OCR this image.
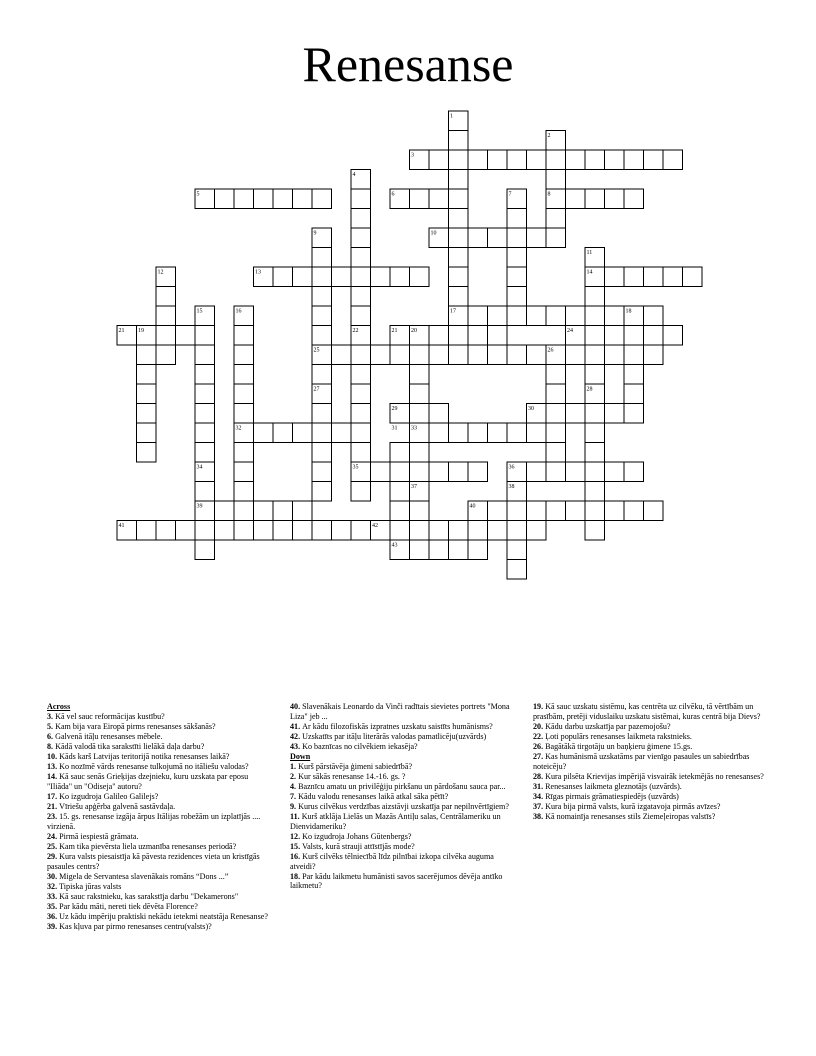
Renesanse
1
2
3
4
5	6	7	8
9	10
11
12	13	14
15	16	17	18
19	20
21	22	21	24
25	26
27	28
29	30
31
32	33
34	35	36
37	38
39	40
41	42
43
Across
3. Kā vel sauc reformācijas kustību?
5. Kam bija vara Eiropā pirms renesanses sākšanās?
6. Galvenā itāļu renesanses mēbele.
8. Kādā valodā tika sarakstīti lielākā daļa darbu?
10. Kāds karš Latvijas teritorijā notika renesanses laikā?
13. Ko nozīmē vārds renesanse tulkojumā no itāliešu valodas?
14. Kā sauc senās Grieķijas dzejnieku, kuru uzskata par eposu "Iliāda" un "Odiseja" autoru?
17. Ko izgudroja Galileo Galilejs?
21. Vīriešu apģērba galvenā sastāvdaļa.
23. 15. gs. renesanse izgāja ārpus Itālijas robežām un izplatījās .... virzienā.
24. Pirmā iespiestā grāmata.
25. Kam tika pievērsta liela uzmanība renesanses periodā?
29. Kura valsts piesaistīja kā pāvesta rezidences vieta un kristīgās pasaules centrs?
30. Migela de Servantesa slavenākais romāns “Dons ...”
32. Tipiska jūras valsts
33. Kā sauc rakstnieku, kas sarakstīja darbu "Dekamerons"
35. Par kādu māti, nereti tiek dēvēta Florence?
36. Uz kādu impēriju praktiski nekādu ietekmi neatstāja Renesanse?
39. Kas kļuva par pirmo renesanses centru(valsts)?
40. Slavenākais Leonardo da Vinči radītais sievietes portrets "Mona Liza" jeb ...
41. Ar kādu filozofiskās izpratnes uzskatu saistīts humānisms?
42. Uzskatīts par itāļu literārās valodas pamatlicēju(uzvārds)
43. Ko baznīcas no cilvēkiem iekasēja?
Down
1. Kurš pārstāvēja ģimeni sabiedrībā?
2. Kur sākās renesanse 14.-16. gs. ?
4. Baznīcu amatu un privilēģiju pirkšanu un pārdošanu sauca par...
7. Kādu valodu renesanses laikā atkal sāka pētīt?
9. Kurus cilvēkus verdzības aizstāvji uzskatīja par nepilnvērtīgiem?
11. Kurš atklāja Lielās un Mazās Antiļu salas, Centrālameriku un Dienvidameriku?
12. Ko izgudroja Johans Gūtenbergs?
15. Valsts, kurā strauji attīstījās mode?
16. Kurš cilvēks tēlniecībā līdz pilnībai izkopa cilvēka auguma atveidi?
18. Par kādu laikmetu humānisti savos sacerējumos dēvēja antīko laikmetu?
19. Kā sauc uzskatu sistēmu, kas centrēta uz cilvēku, tā vērtībām un prasībām, pretēji viduslaiku uzskatu sistēmai, kuras centrā bija Dievs?
20. Kādu darbu uzskatīja par pazemojošu?
22. Ļoti populārs renesanses laikmeta rakstnieks.
26. Bagātākā tirgotāju un baņķieru ģimene 15.gs.
27. Kas humānismā uzskatāms par vienīgo pasaules un sabiedrības noteicēju?
28. Kura pilsēta Krievijas impērijā visvairāk ietekmējās no renesanses?
31. Renesanses laikmeta gleznotājs (uzvārds).
34. Rīgas pirmais grāmatiespiedējs (uzvārds)
37. Kura bija pirmā valsts, kurā izgatavoja pirmās avīzes?
38. Kā nomainīja renesanses stils Ziemeļeiropas valstīs?
